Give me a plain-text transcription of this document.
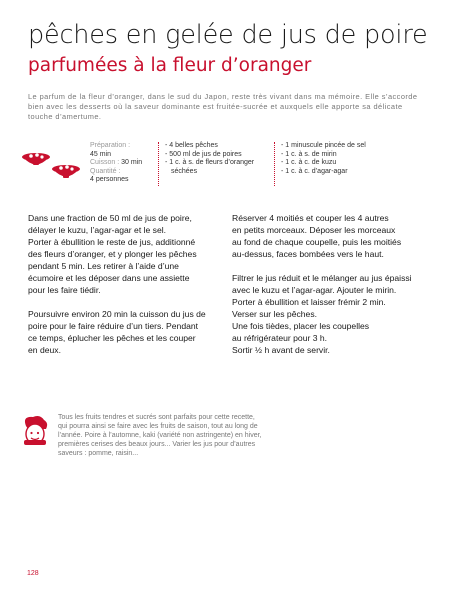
pêches en gelée de jus de poire
parfumées à la fleur d’oranger
Le parfum de la fleur d’oranger, dans le sud du Japon, reste très vivant dans ma mémoire. Elle s’accorde bien avec les desserts où la saveur dominante est fruitée-sucrée et auxquels elle apporte sa délicate touche d’amertume.
Préparation :
45 min
Cuisson : 30 min
Quantité :
4 personnes
- 4 belles pêches
- 500 ml de jus de poires
- 1 c. à s. de fleurs d’oranger séchées
- 1 minuscule pincée de sel
- 1 c. à s. de mirin
- 1 c. à c. de kuzu
- 1 c. à c. d’agar-agar

Dans une fraction de 50 ml de jus de poire,
délayer le kuzu, l’agar-agar et le sel.
Porter à ébullition le reste de jus, additionné
des fleurs d’oranger, et y plonger les pêches
pendant 5 min. Les retirer à l’aide d’une
écumoire et les déposer dans une assiette
pour les faire tiédir.

Poursuivre environ 20 min la cuisson du jus de
poire pour le faire réduire d’un tiers. Pendant
ce temps, éplucher les pêches et les couper
en deux.

Réserver 4 moitiés et couper les 4 autres
en petits morceaux. Déposer les morceaux
au fond de chaque coupelle, puis les moitiés
au-dessus, faces bombées vers le haut.

Filtrer le jus réduit et le mélanger au jus épaissi
avec le kuzu et l’agar-agar. Ajouter le mirin.
Porter à ébullition et laisser frémir 2 min.
Verser sur les pêches.
Une fois tièdes, placer les coupelles
au réfrigérateur pour 3 h.
Sortir ½ h avant de servir.

Tous les fruits tendres et sucrés sont parfaits pour cette recette,
qui pourra ainsi se faire avec les fruits de saison, tout au long de
l’année. Poire à l’automne, kaki (variété non astringente) en hiver,
premières cerises des beaux jours... Varier les jus pour d’autres
saveurs : pomme, raisin...
128
